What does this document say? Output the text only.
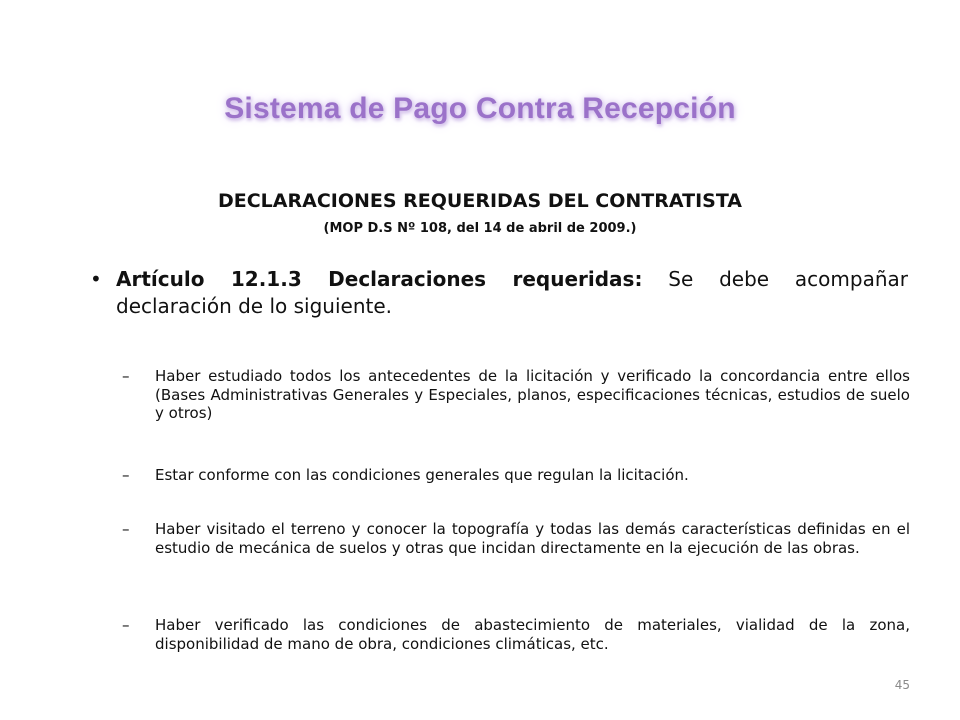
Sistema de Pago Contra Recepción
DECLARACIONES REQUERIDAS DEL CONTRATISTA
(MOP D.S Nº 108, del 14 de abril de 2009.)
• Artículo 12.1.3 Declaraciones requeridas: Se debe acompañar declaración de lo siguiente.
–	Haber estudiado todos los antecedentes de la licitación y verificado la concordancia entre ellos (Bases Administrativas Generales y Especiales, planos, especificaciones técnicas, estudios de suelo y otros)
–	Estar conforme con las condiciones generales que regulan la licitación.
–	Haber visitado el terreno y conocer la topografía y todas las demás características definidas en el estudio de mecánica de suelos y otras que incidan directamente en la ejecución de las obras.
–	Haber verificado las condiciones de abastecimiento de materiales, vialidad de la zona, disponibilidad de mano de obra, condiciones climáticas, etc.
45
